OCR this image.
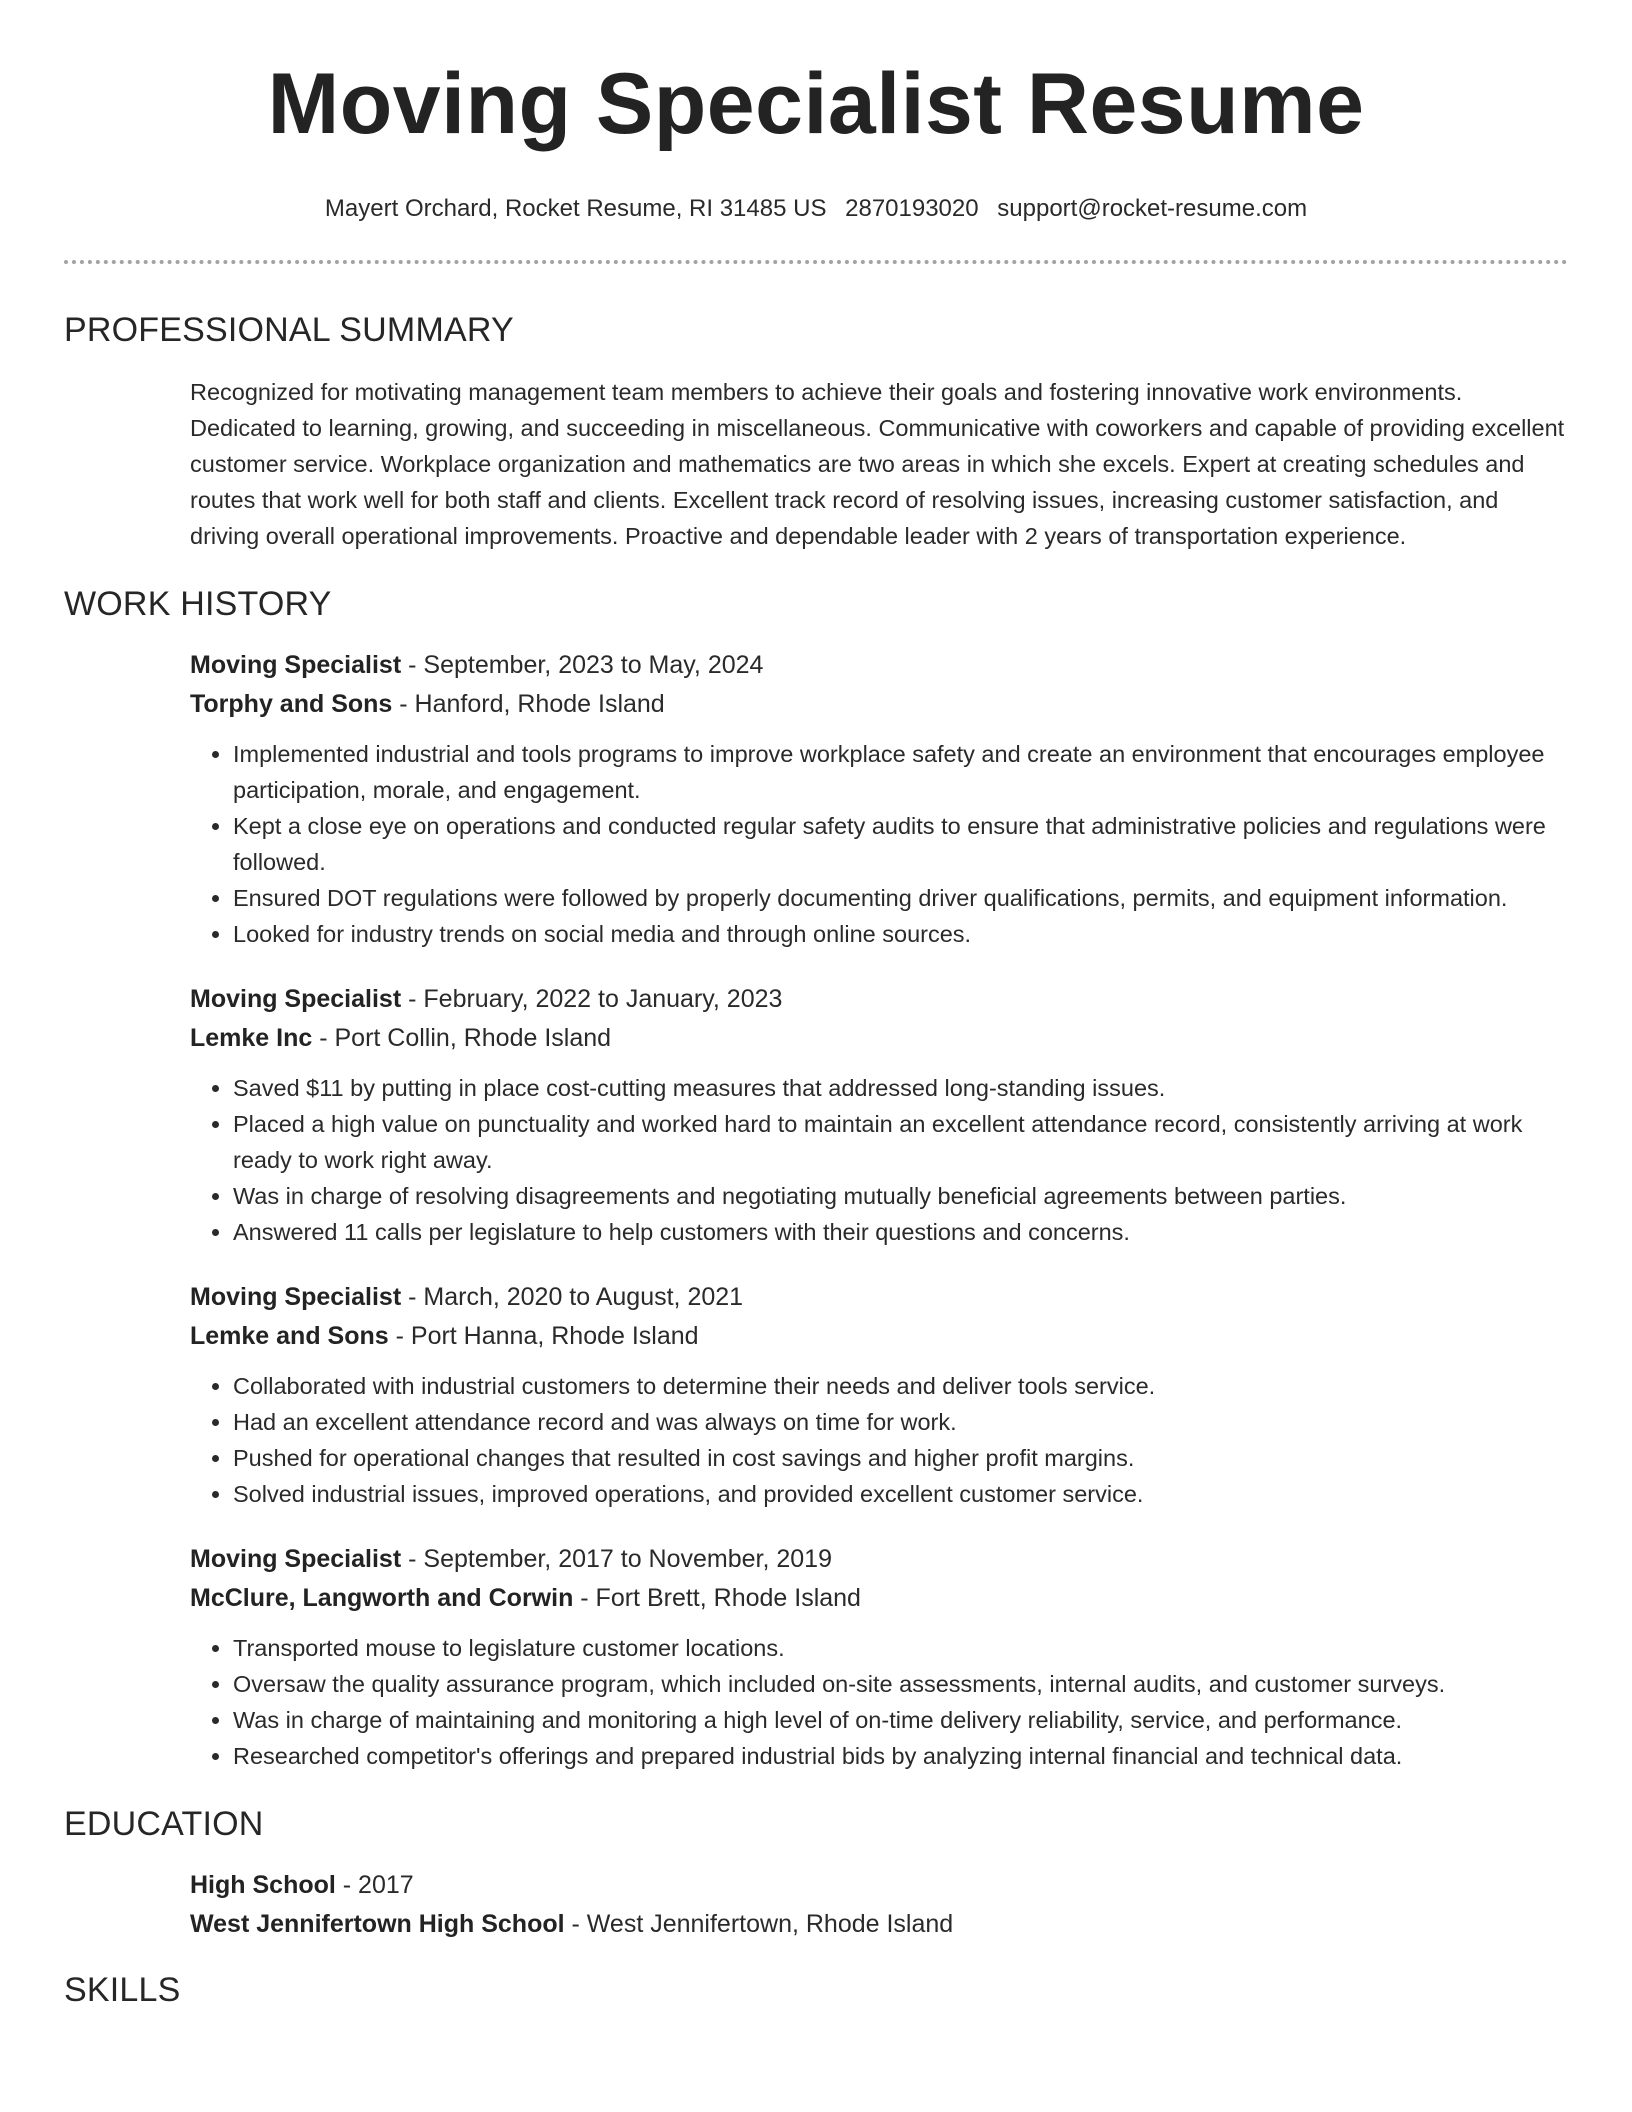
Moving Specialist Resume
Mayert Orchard, Rocket Resume, RI 31485 US 2870193020 support@rocket-resume.com
PROFESSIONAL SUMMARY

Recognized for motivating management team members to achieve their goals and fostering innovative work environments. Dedicated to learning, growing, and succeeding in miscellaneous. Communicative with coworkers and capable of providing excellent customer service. Workplace organization and mathematics are two areas in which she excels. Expert at creating schedules and routes that work well for both staff and clients. Excellent track record of resolving issues, increasing customer satisfaction, and driving overall operational improvements. Proactive and dependable leader with 2 years of transportation experience.

WORK HISTORY
Moving Specialist - September, 2023 to May, 2024
Torphy and Sons - Hanford, Rhode Island
• Implemented industrial and tools programs to improve workplace safety and create an environment that encourages employee participation, morale, and engagement.
• Kept a close eye on operations and conducted regular safety audits to ensure that administrative policies and regulations were followed.
• Ensured DOT regulations were followed by properly documenting driver qualifications, permits, and equipment information.
• Looked for industry trends on social media and through online sources.
Moving Specialist - February, 2022 to January, 2023
Lemke Inc - Port Collin, Rhode Island
• Saved $11 by putting in place cost-cutting measures that addressed long-standing issues.
• Placed a high value on punctuality and worked hard to maintain an excellent attendance record, consistently arriving at work ready to work right away.
• Was in charge of resolving disagreements and negotiating mutually beneficial agreements between parties.
• Answered 11 calls per legislature to help customers with their questions and concerns.
Moving Specialist - March, 2020 to August, 2021
Lemke and Sons - Port Hanna, Rhode Island
• Collaborated with industrial customers to determine their needs and deliver tools service.
• Had an excellent attendance record and was always on time for work.
• Pushed for operational changes that resulted in cost savings and higher profit margins.
• Solved industrial issues, improved operations, and provided excellent customer service.
Moving Specialist - September, 2017 to November, 2019
McClure, Langworth and Corwin - Fort Brett, Rhode Island
• Transported mouse to legislature customer locations.
• Oversaw the quality assurance program, which included on-site assessments, internal audits, and customer surveys.
• Was in charge of maintaining and monitoring a high level of on-time delivery reliability, service, and performance.
• Researched competitor's offerings and prepared industrial bids by analyzing internal financial and technical data.
EDUCATION
High School - 2017
West Jennifertown High School - West Jennifertown, Rhode Island
SKILLS
